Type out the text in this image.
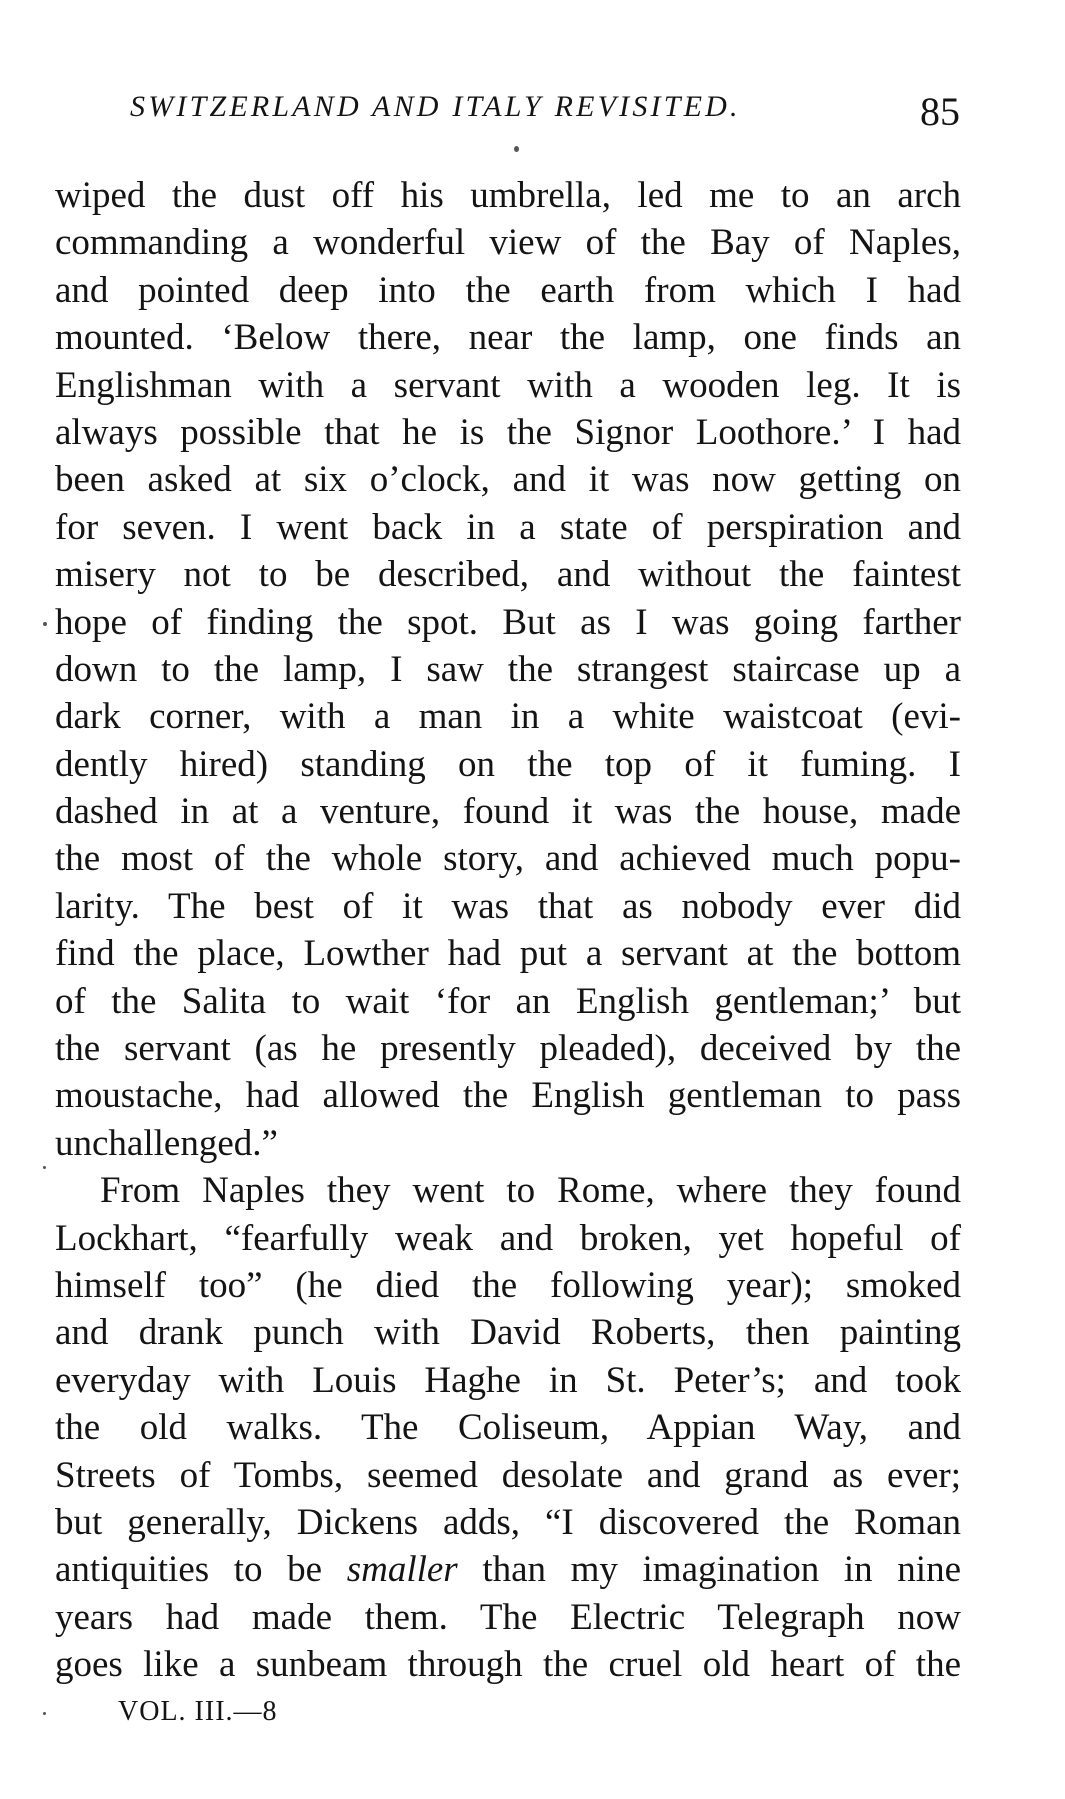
SWITZERLAND AND ITALY REVISITED.	85
wiped the dust off his umbrella, led me to an arch
commanding a wonderful view of the Bay of Naples,
and pointed deep into the earth from which I had
mounted. ‘Below there, near the lamp, one finds an
Englishman with a servant with a wooden leg. It is
always possible that he is the Signor Loothore.’ I had
been asked at six o’clock, and it was now getting on
for seven. I went back in a state of perspiration and
misery not to be described, and without the faintest
hope of finding the spot. But as I was going farther
down to the lamp, I saw the strangest staircase up a
dark corner, with a man in a white waistcoat (evi-
dently hired) standing on the top of it fuming. I
dashed in at a venture, found it was the house, made
the most of the whole story, and achieved much popu-
larity. The best of it was that as nobody ever did
find the place, Lowther had put a servant at the bottom
of the Salita to wait ‘for an English gentleman;’ but
the servant (as he presently pleaded), deceived by the
moustache, had allowed the English gentleman to pass
unchallenged.”
From Naples they went to Rome, where they found
Lockhart, “fearfully weak and broken, yet hopeful of
himself too” (he died the following year); smoked
and drank punch with David Roberts, then painting
everyday with Louis Haghe in St. Peter’s; and took
the old walks. The Coliseum, Appian Way, and
Streets of Tombs, seemed desolate and grand as ever;
but generally, Dickens adds, “I discovered the Roman
antiquities to be smaller than my imagination in nine
years had made them. The Electric Telegraph now
goes like a sunbeam through the cruel old heart of the
VOL. III.—8
